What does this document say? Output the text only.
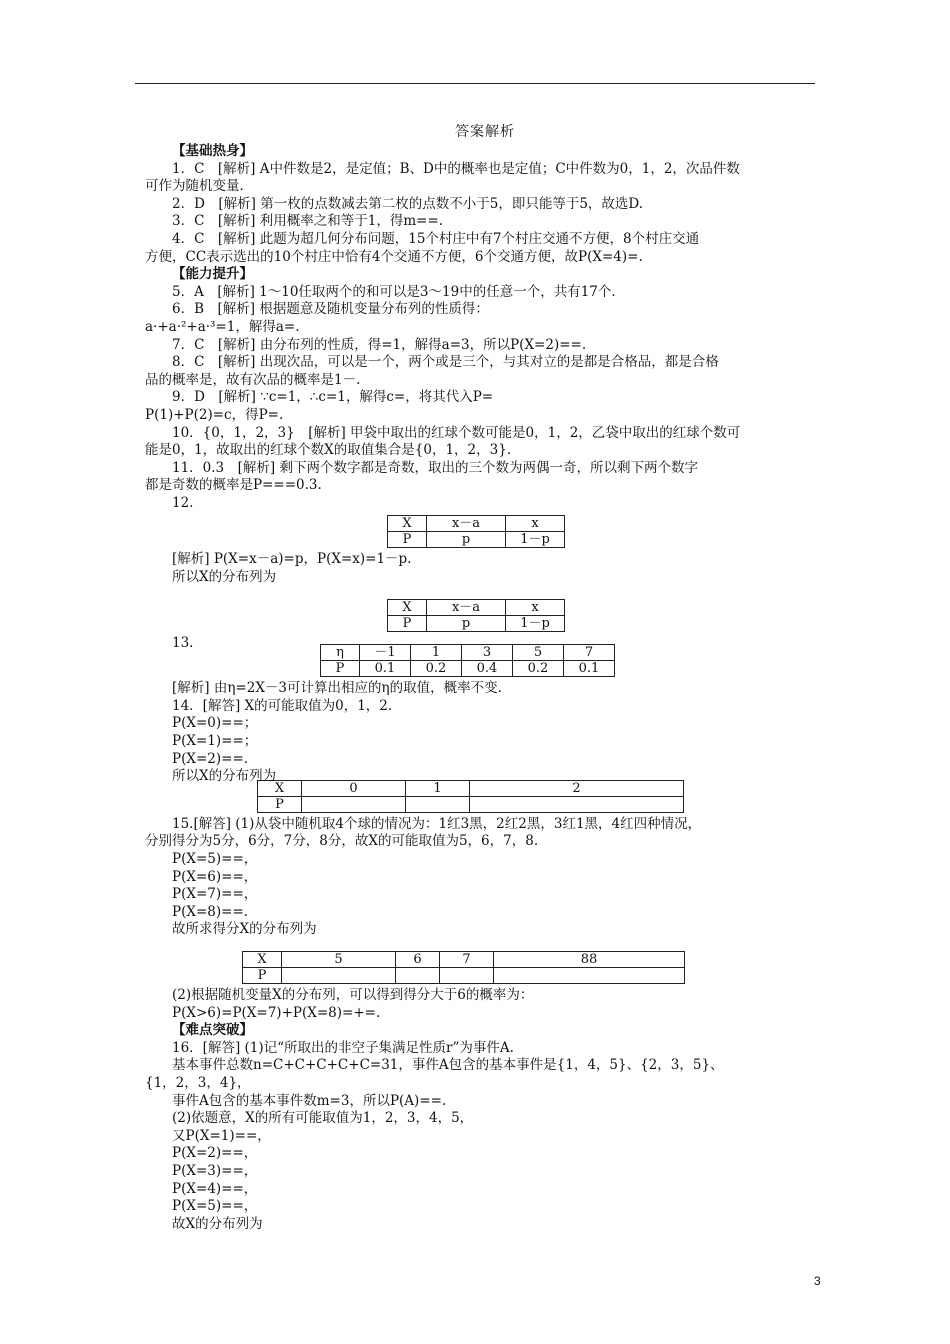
答案解析
【基础热身】
1．C　[解析] A中件数是2，是定值；B、D中的概率也是定值；C中件数为0，1，2，次品件数
可作为随机变量．
2．D　[解析] 第一枚的点数减去第二枚的点数不小于5，即只能等于5，故选D.
3．C　[解析] 利用概率之和等于1，得m==.
4．C　[解析] 此题为超几何分布问题，15个村庄中有7个村庄交通不方便，8个村庄交通
方便，CC表示选出的10个村庄中恰有4个交通不方便，6个交通方便，故P(X=4)=.
【能力提升】
5．A　[解析] 1～10任取两个的和可以是3～19中的任意一个，共有17个．
6．B　[解析] 根据题意及随机变量分布列的性质得：
a·+a·²+a·³=1，解得a=.
7．C　[解析] 由分布列的性质，得=1，解得a=3，所以P(X=2)==.
8．C　[解析] 出现次品，可以是一个，两个或是三个，与其对立的是都是合格品，都是合格
品的概率是，故有次品的概率是1－.
9．D　[解析] ∵c=1，∴c=1，解得c=，将其代入P=
P(1)+P(2)=c，得P=.
10．{0，1，2，3}　[解析] 甲袋中取出的红球个数可能是0，1，2，乙袋中取出的红球个数可
能是0，1，故取出的红球个数X的取值集合是{0，1，2，3}.
11．0.3　[解析] 剩下两个数字都是奇数，取出的三个数为两偶一奇，所以剩下两个数字
都是奇数的概率是P===0.3.
12.
X	x－a	x
P	p	1－p
[解析] P(X=x－a)=p，P(X=x)=1－p.
所以X的分布列为
X	x－a	x
P	p	1－p
13.
η	－1	1	3	5	7
P	0.1	0.2	0.4	0.2	0.1
[解析] 由η=2X－3可计算出相应的η的取值，概率不变.
14．[解答] X的可能取值为0，1，2.
P(X=0)==；
P(X=1)==；
P(X=2)==.
所以X的分布列为
X	0	1	2
P			
15.[解答] (1)从袋中随机取4个球的情况为：1红3黑，2红2黑，3红1黑，4红四种情况，
分别得分为5分，6分，7分，8分，故X的可能取值为5，6，7，8.
P(X=5)==，
P(X=6)==，
P(X=7)==，
P(X=8)==.
故所求得分X的分布列为
X	5	6	7	88
P				
(2)根据随机变量X的分布列，可以得到得分大于6的概率为：
P(X>6)=P(X=7)+P(X=8)=+=.
【难点突破】
16．[解答] (1)记“所取出的非空子集满足性质r”为事件A.
基本事件总数n=C+C+C+C+C=31，事件A包含的基本事件是{1，4，5}、{2，3，5}、
{1，2，3，4}，
事件A包含的基本事件数m=3，所以P(A)==.
(2)依题意，X的所有可能取值为1，2，3，4，5，
又P(X=1)==，
P(X=2)==，
P(X=3)==，
P(X=4)==，
P(X=5)==，
故X的分布列为
3
